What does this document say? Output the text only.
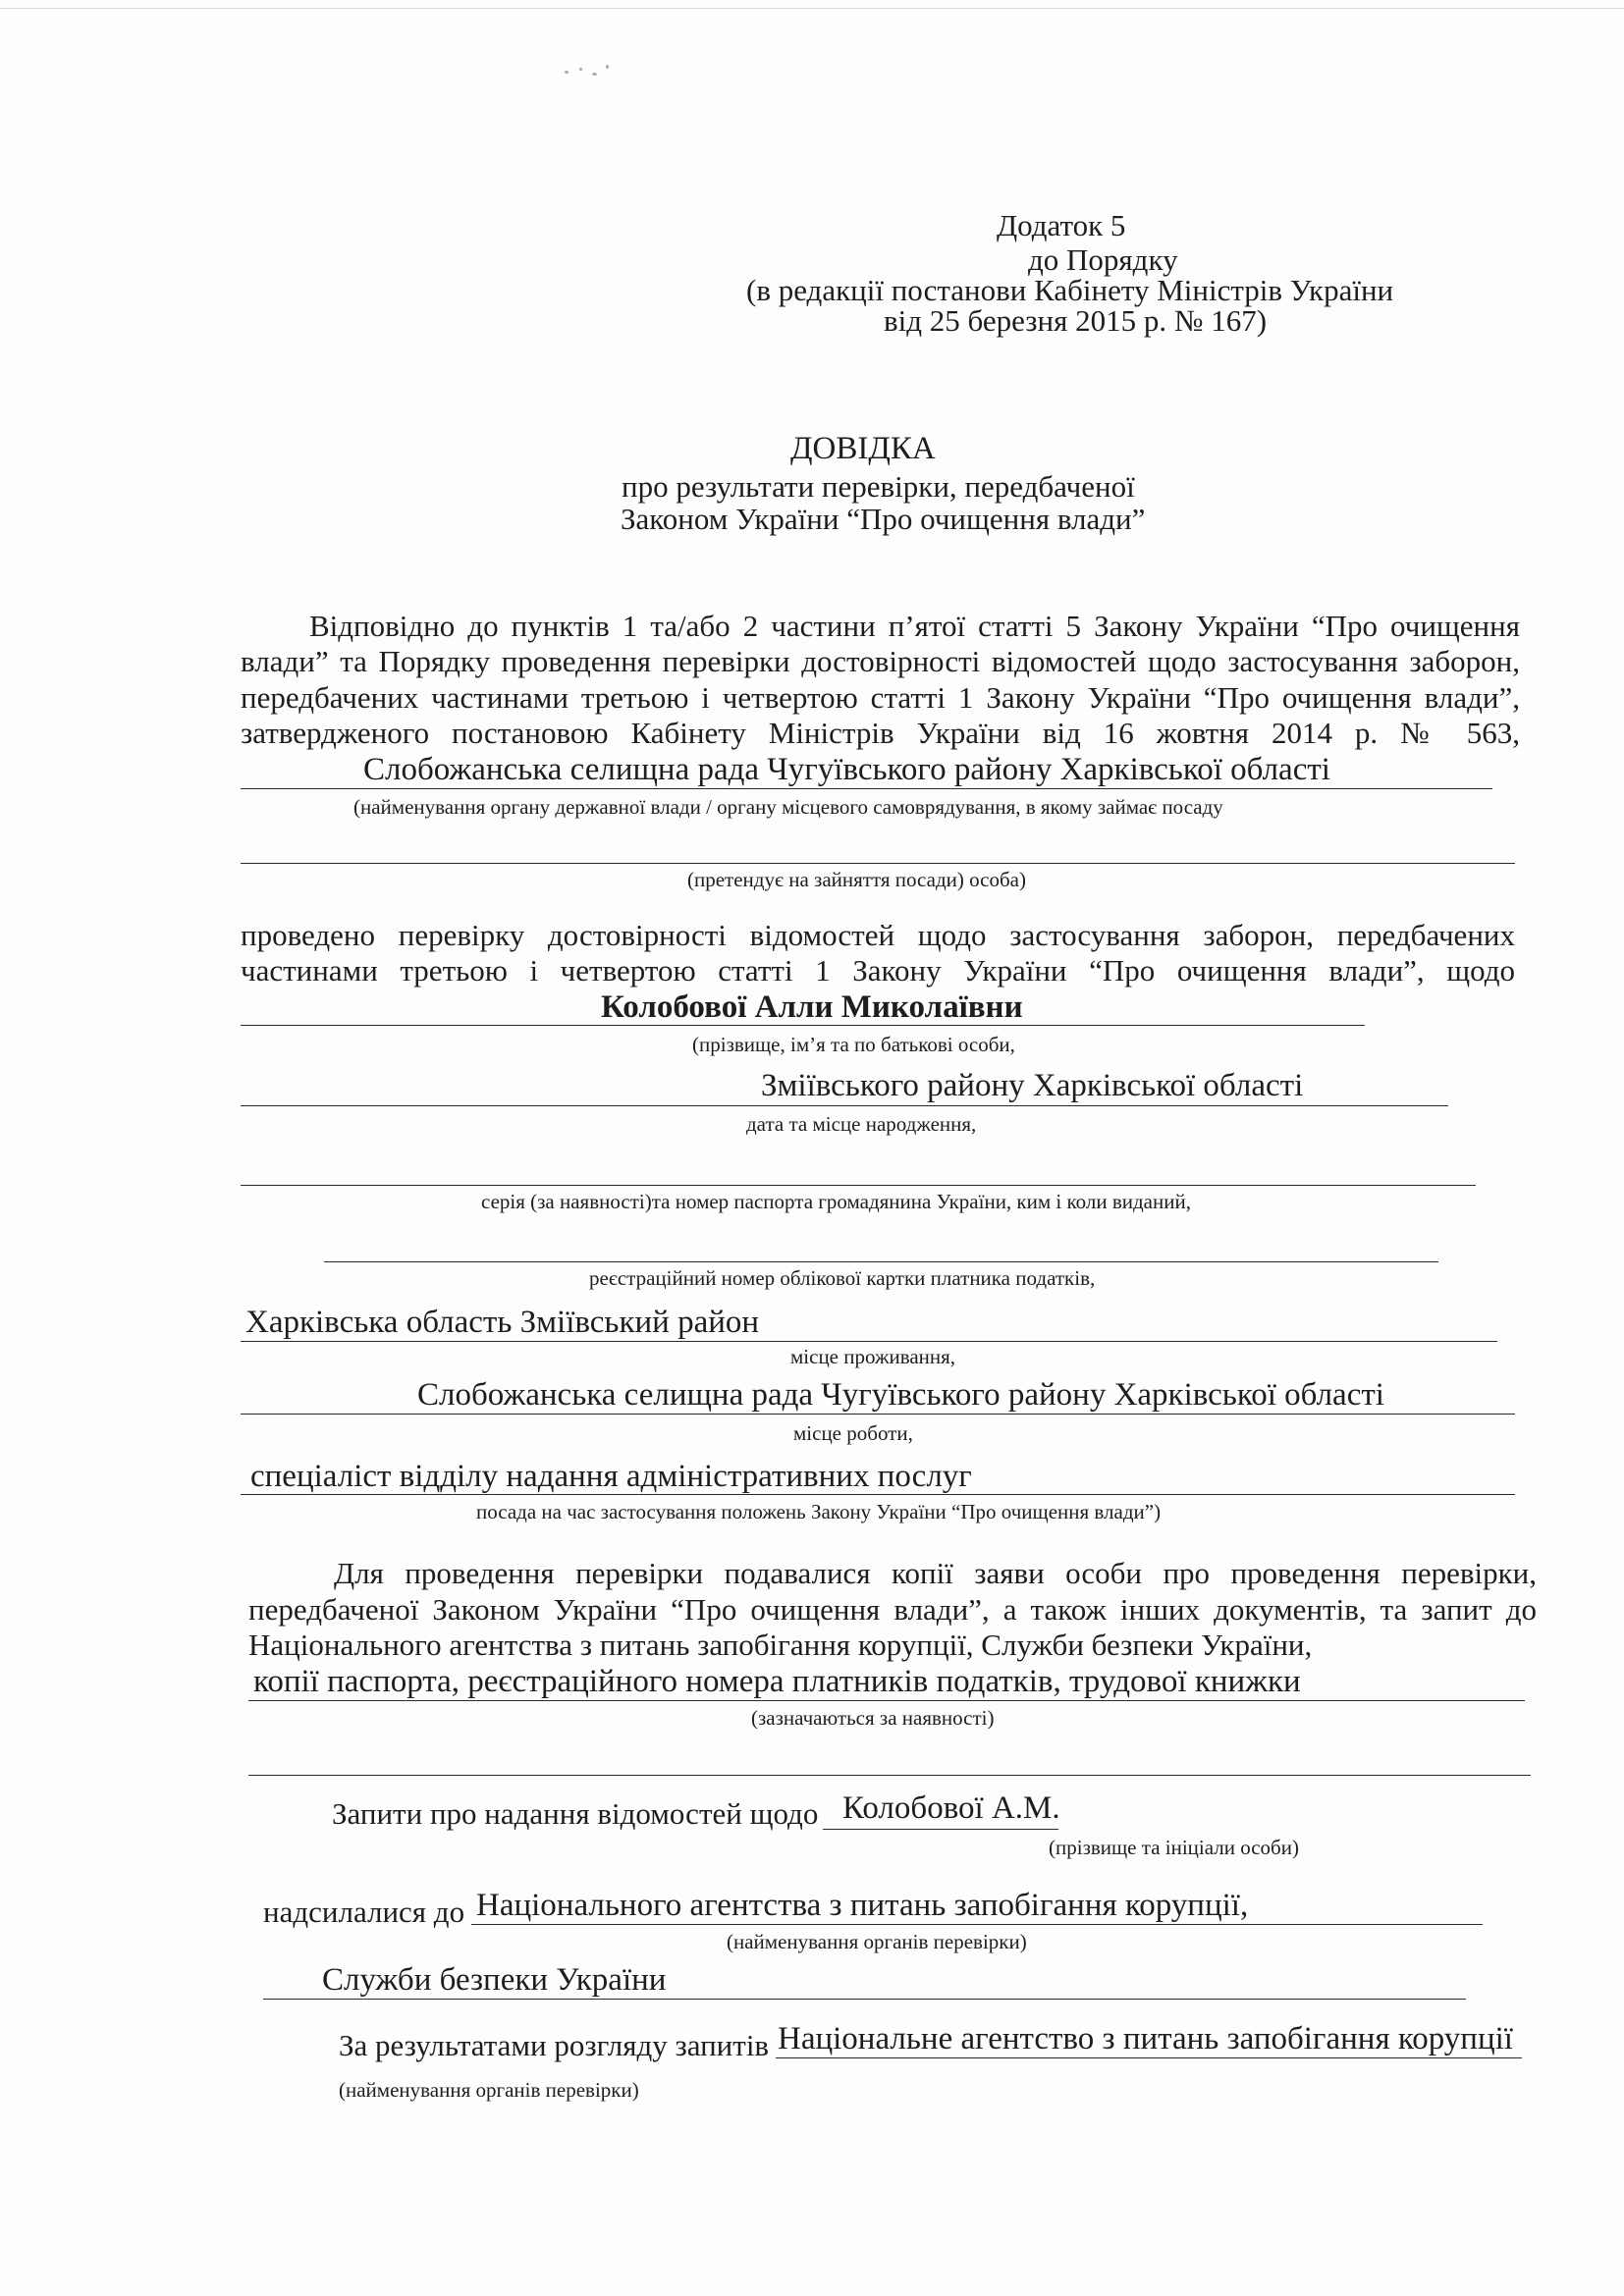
Додаток 5
до Порядку
(в редакції постанови Кабінету Міністрів України
від 25 березня 2015 р. № 167)
ДОВІДКА
про результати перевірки, передбаченої
Законом України “Про очищення влади”
Відповідно до пунктів 1 та/або 2 частини п’ятої статті 5 Закону України “Про очищення
влади” та Порядку проведення перевірки достовірності відомостей щодо застосування заборон,
передбачених частинами третьою і четвертою статті 1 Закону України “Про очищення влади”,
затвердженого постановою Кабінету Міністрів України від 16 жовтня 2014 р. № 563,
Слобожанська селищна рада Чугуївського району Харківської області
(найменування органу державної влади / органу місцевого самоврядування, в якому займає посаду
(претендує на зайняття посади) особа)
проведено перевірку достовірності відомостей щодо застосування заборон, передбачених
частинами третьою і четвертою статті 1 Закону України “Про очищення влади”, щодо
Колобової Алли Миколаївни
(прізвище, ім’я та по батькові особи,
Зміївського району Харківської області
дата та місце народження,
серія (за наявності)та номер паспорта громадянина України, ким і коли виданий,
реєстраційний номер облікової картки платника податків,
Харківська область Зміївський район
місце проживання,
Слобожанська селищна рада Чугуївського району Харківської області
місце роботи,
спеціаліст відділу надання адміністративних послуг
посада на час застосування положень Закону України “Про очищення влади”)
Для проведення перевірки подавалися копії заяви особи про проведення перевірки,
передбаченої Законом України “Про очищення влади”, а також інших документів, та запит до
Національного агентства з питань запобігання корупції, Служби безпеки України,
копії паспорта, реєстраційного номера платників податків, трудової книжки
(зазначаються за наявності)
Запити про надання відомостей щодо Колобової А.М.
(прізвище та ініціали особи)
надсилалися до Національного агентства з питань запобігання корупції,
(найменування органів перевірки)
Служби безпеки України
За результатами розгляду запитів Національне агентство з питань запобігання корупції
(найменування органів перевірки)
